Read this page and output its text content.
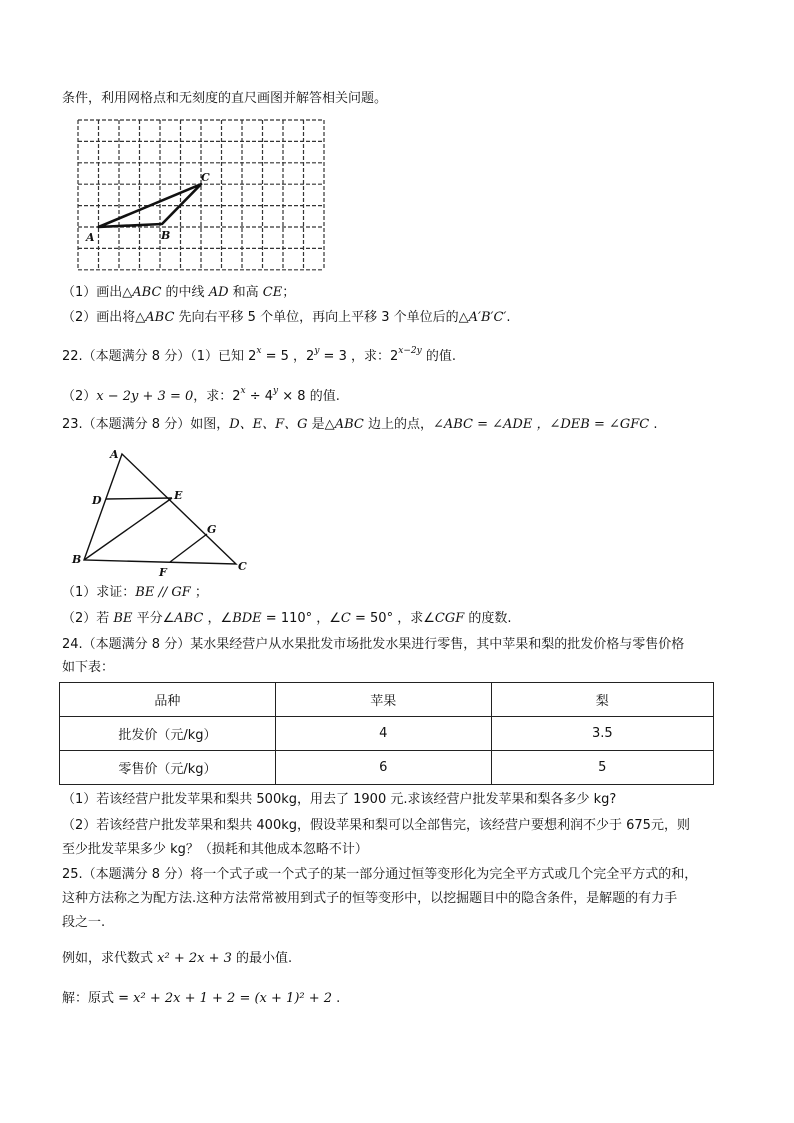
条件，利用网格点和无刻度的直尺画图并解答相关问题。
A	B
C
（1）画出△ABC 的中线 AD 和高 CE；
（2）画出将△ABC 先向右平移 5 个单位，再向上平移 3 个单位后的△A′B′C′.
22.（本题满分 8 分）（1）已知 $2^x = 5$ ，$2^y = 3$ ，求：$2^{x-2y}$ 的值.
（2）x − 2y + 3 = 0，求：$2^x \div 4^y \times 8$ 的值.
23.（本题满分 8 分）如图，D、E、F、G 是△ABC 边上的点，∠ABC = ∠ADE ，∠DEB = ∠GFC .
A
D	E
G
B
F	C
（1）求证：BE // GF ；
（2）若 BE 平分∠ABC ，∠BDE = 110° ，∠C = 50° ，求∠CGF 的度数.
24.（本题满分 8 分）某水果经营户从水果批发市场批发水果进行零售，其中苹果和梨的批发价格与零售价格
如下表：
品种	苹果	梨
批发价（元/kg）	4	3.5
零售价（元/kg）	6	5
（1）若该经营户批发苹果和梨共 500kg，用去了 1900 元.求该经营户批发苹果和梨各多少 kg?
（2）若该经营户批发苹果和梨共 400kg，假设苹果和梨可以全部售完，该经营户要想利润不少于 675元，则
至少批发苹果多少 kg？（损耗和其他成本忽略不计）
25.（本题满分 8 分）将一个式子或一个式子的某一部分通过恒等变形化为完全平方式或几个完全平方式的和，
这种方法称之为配方法.这种方法常常被用到式子的恒等变形中，以挖掘题目中的隐含条件，是解题的有力手
段之一.
例如，求代数式 x² + 2x + 3 的最小值.
解：原式 = x² + 2x + 1 + 2 = (x + 1)² + 2 .
